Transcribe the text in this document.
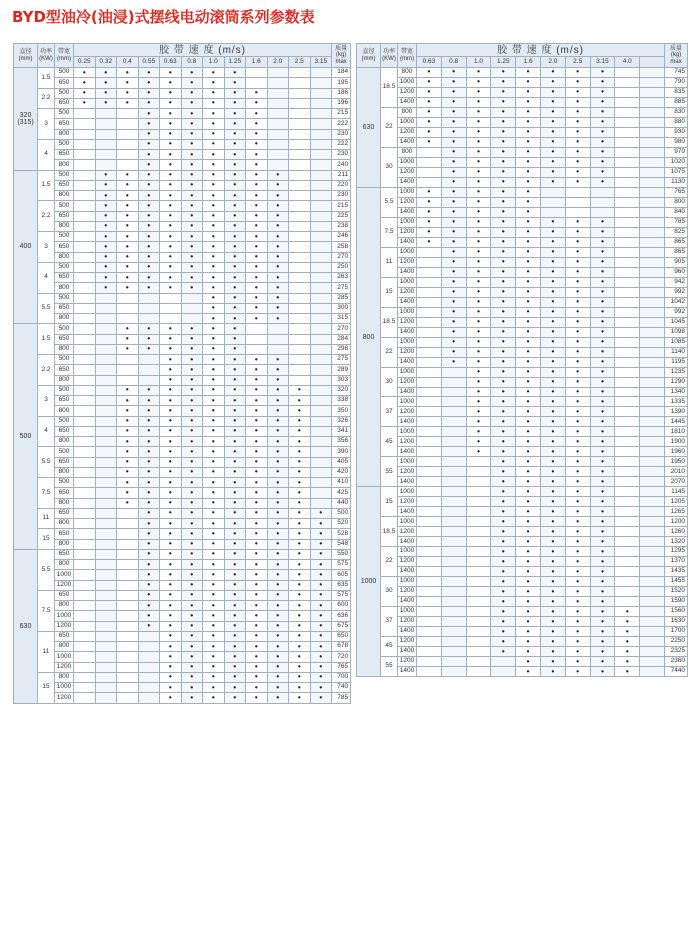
BYD型油冷(油浸)式摆线电动滚筒系列参数表
直径
(mm)	功率
(KW)	带宽
(mm)	胶 带 速 度 (m/s)												质量
(kg)
max
			0.25	0.32	0.4	0.55	0.63	0.8	1.0	1.25	1.6	2.0	2.5	3.15	
320
(315)	1.5	500	•	•	•	•	•	•	•	•					184
		650	•	•	•	•	•	•	•	•					195
	2.2	500	•	•	•	•	•	•	•	•	•				186
		650	•	•	•	•	•	•	•	•	•				196
	3	500				•	•	•	•	•	•				215
		650				•	•	•	•	•	•				222
		800				•	•	•	•	•	•				230
	4	500				•	•	•	•	•	•				222
		650				•	•	•	•	•	•				230
		800				•	•	•	•	•	•				240
400	1.5	500		•	•	•	•	•	•	•	•	•			211
		650		•	•	•	•	•	•	•	•	•			220
		800		•	•	•	•	•	•	•	•	•			230
	2.2	500		•	•	•	•	•	•	•	•	•			215
		650		•	•	•	•	•	•	•	•	•			225
		800		•	•	•	•	•	•	•	•	•			238
	3	500		•	•	•	•	•	•	•	•	•			246
		650		•	•	•	•	•	•	•	•	•			258
		800		•	•	•	•	•	•	•	•	•			270
	4	500		•	•	•	•	•	•	•	•	•			250
		650		•	•	•	•	•	•	•	•	•			263
		800		•	•	•	•	•	•	•	•	•			275
	5.5	500							•	•	•	•			285
		650							•	•	•	•			300
		800							•	•	•	•			315
500	1.5	500			•	•	•	•	•	•					270
		650			•	•	•	•	•	•					284
		800			•	•	•	•	•	•					298
	2.2	500					•	•	•	•	•	•			275
		650					•	•	•	•	•	•			289
		800					•	•	•	•	•	•			303
	3	500			•	•	•	•	•	•	•	•	•		320
		650			•	•	•	•	•	•	•	•	•		338
		800			•	•	•	•	•	•	•	•	•		350
	4	500			•	•	•	•	•	•	•	•	•		326
		650			•	•	•	•	•	•	•	•	•		341
		800			•	•	•	•	•	•	•	•	•		356
	5.5	500			•	•	•	•	•	•	•	•	•		390
		650			•	•	•	•	•	•	•	•	•		405
		800			•	•	•	•	•	•	•	•	•		420
	7.5	500			•	•	•	•	•	•	•	•	•		410
		650			•	•	•	•	•	•	•	•	•		425
		800			•	•	•	•	•	•	•	•	•		440
	11	650				•	•	•	•	•	•	•	•	•	500
		800				•	•	•	•	•	•	•	•	•	520
	15	650				•	•	•	•	•	•	•	•	•	528
		800				•	•	•	•	•	•	•	•	•	548
630	5.5	650				•	•	•	•	•	•	•	•	•	550
		800				•	•	•	•	•	•	•	•	•	575
		1000				•	•	•	•	•	•	•	•	•	605
		1200				•	•	•	•	•	•	•	•	•	635
	7.5	650				•	•	•	•	•	•	•	•	•	575
		800				•	•	•	•	•	•	•	•	•	600
		1000				•	•	•	•	•	•	•	•	•	636
		1200				•	•	•	•	•	•	•	•	•	675
	11	650					•	•	•	•	•	•	•	•	650
		800					•	•	•	•	•	•	•	•	678
		1000					•	•	•	•	•	•	•	•	720
		1200					•	•	•	•	•	•	•	•	765
	15	800					•	•	•	•	•	•	•	•	700
		1000					•	•	•	•	•	•	•	•	740
		1200					•	•	•	•	•	•	•	•	785
直径
(mm)	功率
(KW)	带宽
(mm)	胶 带 速 度 (m/s)										质量
(kg)
max
			0.63	0.8	1.0	1.25	1.6	2.0	2.5	3.15	4.0		
630	18.5	800	•	•	•	•	•	•	•	•			745
		1000	•	•	•	•	•	•	•	•			790
		1200	•	•	•	•	•	•	•	•			835
		1400	•	•	•	•	•	•	•	•			885
	22	800	•	•	•	•	•	•	•	•			830
		1000	•	•	•	•	•	•	•	•			880
		1200	•	•	•	•	•	•	•	•			930
		1400	•	•	•	•	•	•	•	•			980
	30	800		•	•	•	•	•	•	•			970
		1000		•	•	•	•	•	•	•			1020
		1200		•	•	•	•	•	•	•			1075
		1400		•	•	•	•	•	•	•			1130
800	5.5	1000	•	•	•	•	•						765
		1200	•	•	•	•	•						800
		1400	•	•	•	•	•						840
	7.5	1000	•	•	•	•	•	•	•	•			785
		1200	•	•	•	•	•	•	•	•			825
		1400	•	•	•	•	•	•	•	•			865
	11	1000		•	•	•	•	•	•	•			865
		1200		•	•	•	•	•	•	•			905
		1400		•	•	•	•	•	•	•			960
	15	1000		•	•	•	•	•	•	•			942
		1200		•	•	•	•	•	•	•			992
		1400		•	•	•	•	•	•	•			1042
	18.5	1000		•	•	•	•	•	•	•			992
		1200		•	•	•	•	•	•	•			1045
		1400		•	•	•	•	•	•	•			1098
	22	1000		•	•	•	•	•	•	•			1085
		1200		•	•	•	•	•	•	•			1140
		1400		•	•	•	•	•	•	•			1195
	30	1000			•	•	•	•	•	•			1235
		1200			•	•	•	•	•	•			1290
		1400			•	•	•	•	•	•			1340
	37	1000			•	•	•	•	•	•			1335
		1200			•	•	•	•	•	•			1390
		1400			•	•	•	•	•	•			1445
	45	1000			•	•	•	•	•	•			1810
		1200			•	•	•	•	•	•			1900
		1400			•	•	•	•	•	•			1960
	55	1000				•	•	•	•	•			1950
		1200				•	•	•	•	•			2010
		1400				•	•	•	•	•			2070
1000	15	1000				•	•	•	•	•			1145
		1200				•	•	•	•	•			1205
		1400				•	•	•	•	•			1265
	18.5	1000				•	•	•	•	•			1200
		1200				•	•	•	•	•			1260
		1400				•	•	•	•	•			1320
	22	1000				•	•	•	•	•			1295
		1200				•	•	•	•	•			1370
		1400				•	•	•	•	•			1435
	30	1000				•	•	•	•	•			1455
		1200				•	•	•	•	•			1520
		1400				•	•	•	•	•			1590
	37	1000				•	•	•	•	•	•		1560
		1200				•	•	•	•	•	•		1630
		1400				•	•	•	•	•	•		1700
	45	1200				•	•	•	•	•	•		2250
		1400				•	•	•	•	•	•		2325
	55	1200					•	•	•	•	•		2360
		1400					•	•	•	•	•		7440
